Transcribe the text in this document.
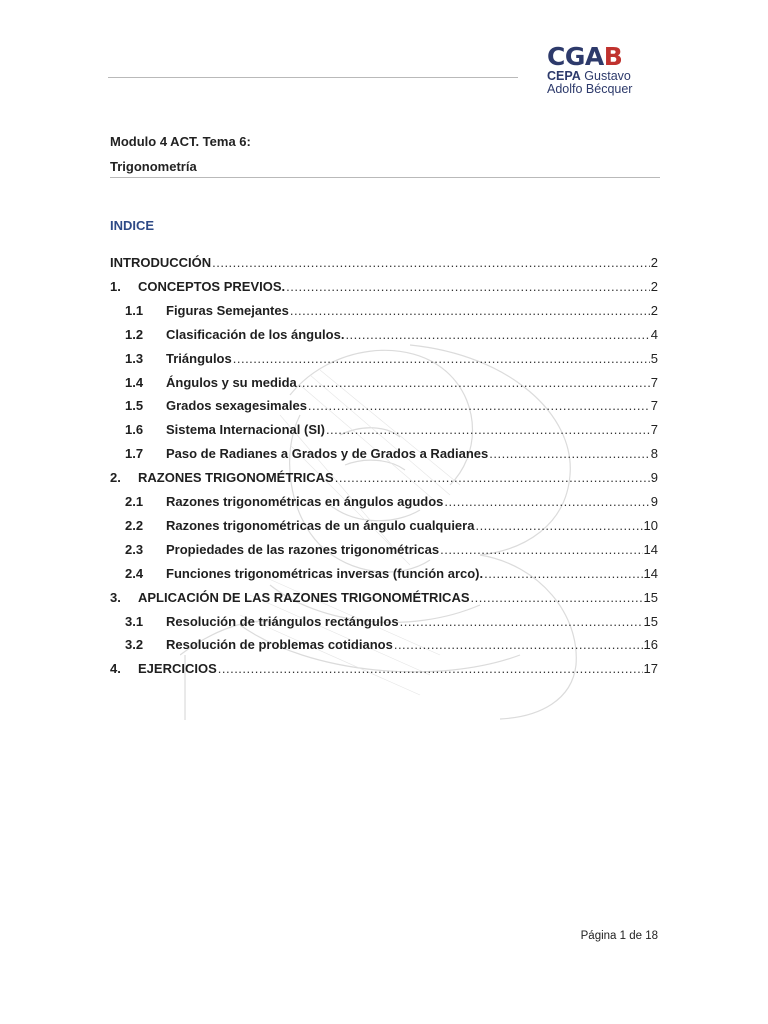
CGAB
CEPA Gustavo
Adolfo Bécquer
Modulo 4 ACT. Tema 6:
Trigonometría
INDICE
INTRODUCCIÓN .....	2
1.	CONCEPTOS PREVIOS. .....	2
1.1	Figuras Semejantes .....	2
1.2	Clasificación de los ángulos. .....	4
1.3	Triángulos .....	5
1.4	Ángulos y su medida .....	7
1.5	Grados sexagesimales .....	7
1.6	Sistema Internacional (SI) .....	7
1.7	Paso de Radianes a Grados y de Grados a Radianes .....	8
2.	RAZONES TRIGONOMÉTRICAS .....	9
2.1	Razones trigonométricas en ángulos agudos .....	9
2.2	Razones trigonométricas de un ángulo cualquiera .....	10
2.3	Propiedades de las razones trigonométricas .....	14
2.4	Funciones trigonométricas inversas (función arco). .....	14
3.	APLICACIÓN DE LAS RAZONES TRIGONOMÉTRICAS .....	15
3.1	Resolución de triángulos rectángulos .....	15
3.2	Resolución de problemas cotidianos .....	16
4.	EJERCICIOS .....	17
Página 1 de 18
